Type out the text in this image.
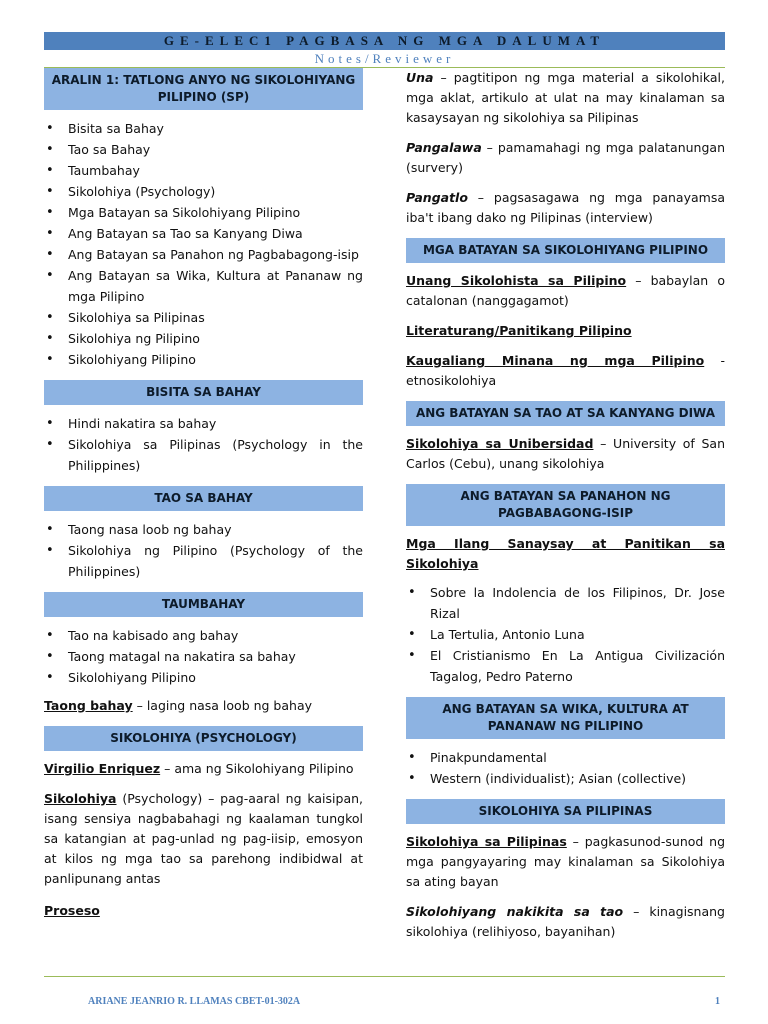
GE-ELEC1 PAGBASA NG MGA DALUMAT
Notes/Reviewer
ARALIN 1: TATLONG ANYO NG SIKOLOHIYANG PILIPINO (SP)
• Bisita sa Bahay
• Tao sa Bahay
• Taumbahay
• Sikolohiya (Psychology)
• Mga Batayan sa Sikolohiyang Pilipino
• Ang Batayan sa Tao sa Kanyang Diwa
• Ang Batayan sa Panahon ng Pagbabagong-isip
• Ang Batayan sa Wika, Kultura at Pananaw ng mga Pilipino
• Sikolohiya sa Pilipinas
• Sikolohiya ng Pilipino
• Sikolohiyang Pilipino
BISITA SA BAHAY
• Hindi nakatira sa bahay
• Sikolohiya sa Pilipinas (Psychology in the Philippines)
TAO SA BAHAY
• Taong nasa loob ng bahay
• Sikolohiya ng Pilipino (Psychology of the Philippines)
TAUMBAHAY
• Tao na kabisado ang bahay
• Taong matagal na nakatira sa bahay
• Sikolohiyang Pilipino

Taong bahay – laging nasa loob ng bahay

SIKOLOHIYA (PSYCHOLOGY)

Virgilio Enriquez – ama ng Sikolohiyang Pilipino

Sikolohiya (Psychology) – pag-aaral ng kaisipan, isang sensiya nagbabahagi ng kaalaman tungkol sa katangian at pag-unlad ng pag-iisip, emosyon at kilos ng mga tao sa parehong indibidwal at panlipunang antas

Proseso

Una – pagtitipon ng mga material a sikolohikal, mga aklat, artikulo at ulat na may kinalaman sa kasaysayan ng sikolohiya sa Pilipinas

Pangalawa – pamamahagi ng mga palatanungan (survery)

Pangatlo – pagsasagawa ng mga panayamsa iba't ibang dako ng Pilipinas (interview)

MGA BATAYAN SA SIKOLOHIYANG PILIPINO

Unang Sikolohista sa Pilipino – babaylan o catalonan (nanggagamot)

Literaturang/Panitikang Pilipino

Kaugaliang Minana ng mga Pilipino - etnosikolohiya

ANG BATAYAN SA TAO AT SA KANYANG DIWA

Sikolohiya sa Unibersidad – University of San Carlos (Cebu), unang sikolohiya

ANG BATAYAN SA PANAHON NG PAGBABAGONG-ISIP

Mga Ilang Sanaysay at Panitikan sa Sikolohiya

• Sobre la Indolencia de los Filipinos, Dr. Jose Rizal
• La Tertulia, Antonio Luna
• El Cristianismo En La Antigua Civilización Tagalog, Pedro Paterno
ANG BATAYAN SA WIKA, KULTURA AT PANANAW NG PILIPINO
• Pinakpundamental
• Western (individualist); Asian (collective)
SIKOLOHIYA SA PILIPINAS

Sikolohiya sa Pilipinas – pagkasunod-sunod ng mga pangyayaring may kinalaman sa Sikolohiya sa ating bayan

Sikolohiyang nakikita sa tao – kinagisnang sikolohiya (relihiyoso, bayanihan)

ARIANE JEANRIO R. LLAMAS CBET-01-302A	1
